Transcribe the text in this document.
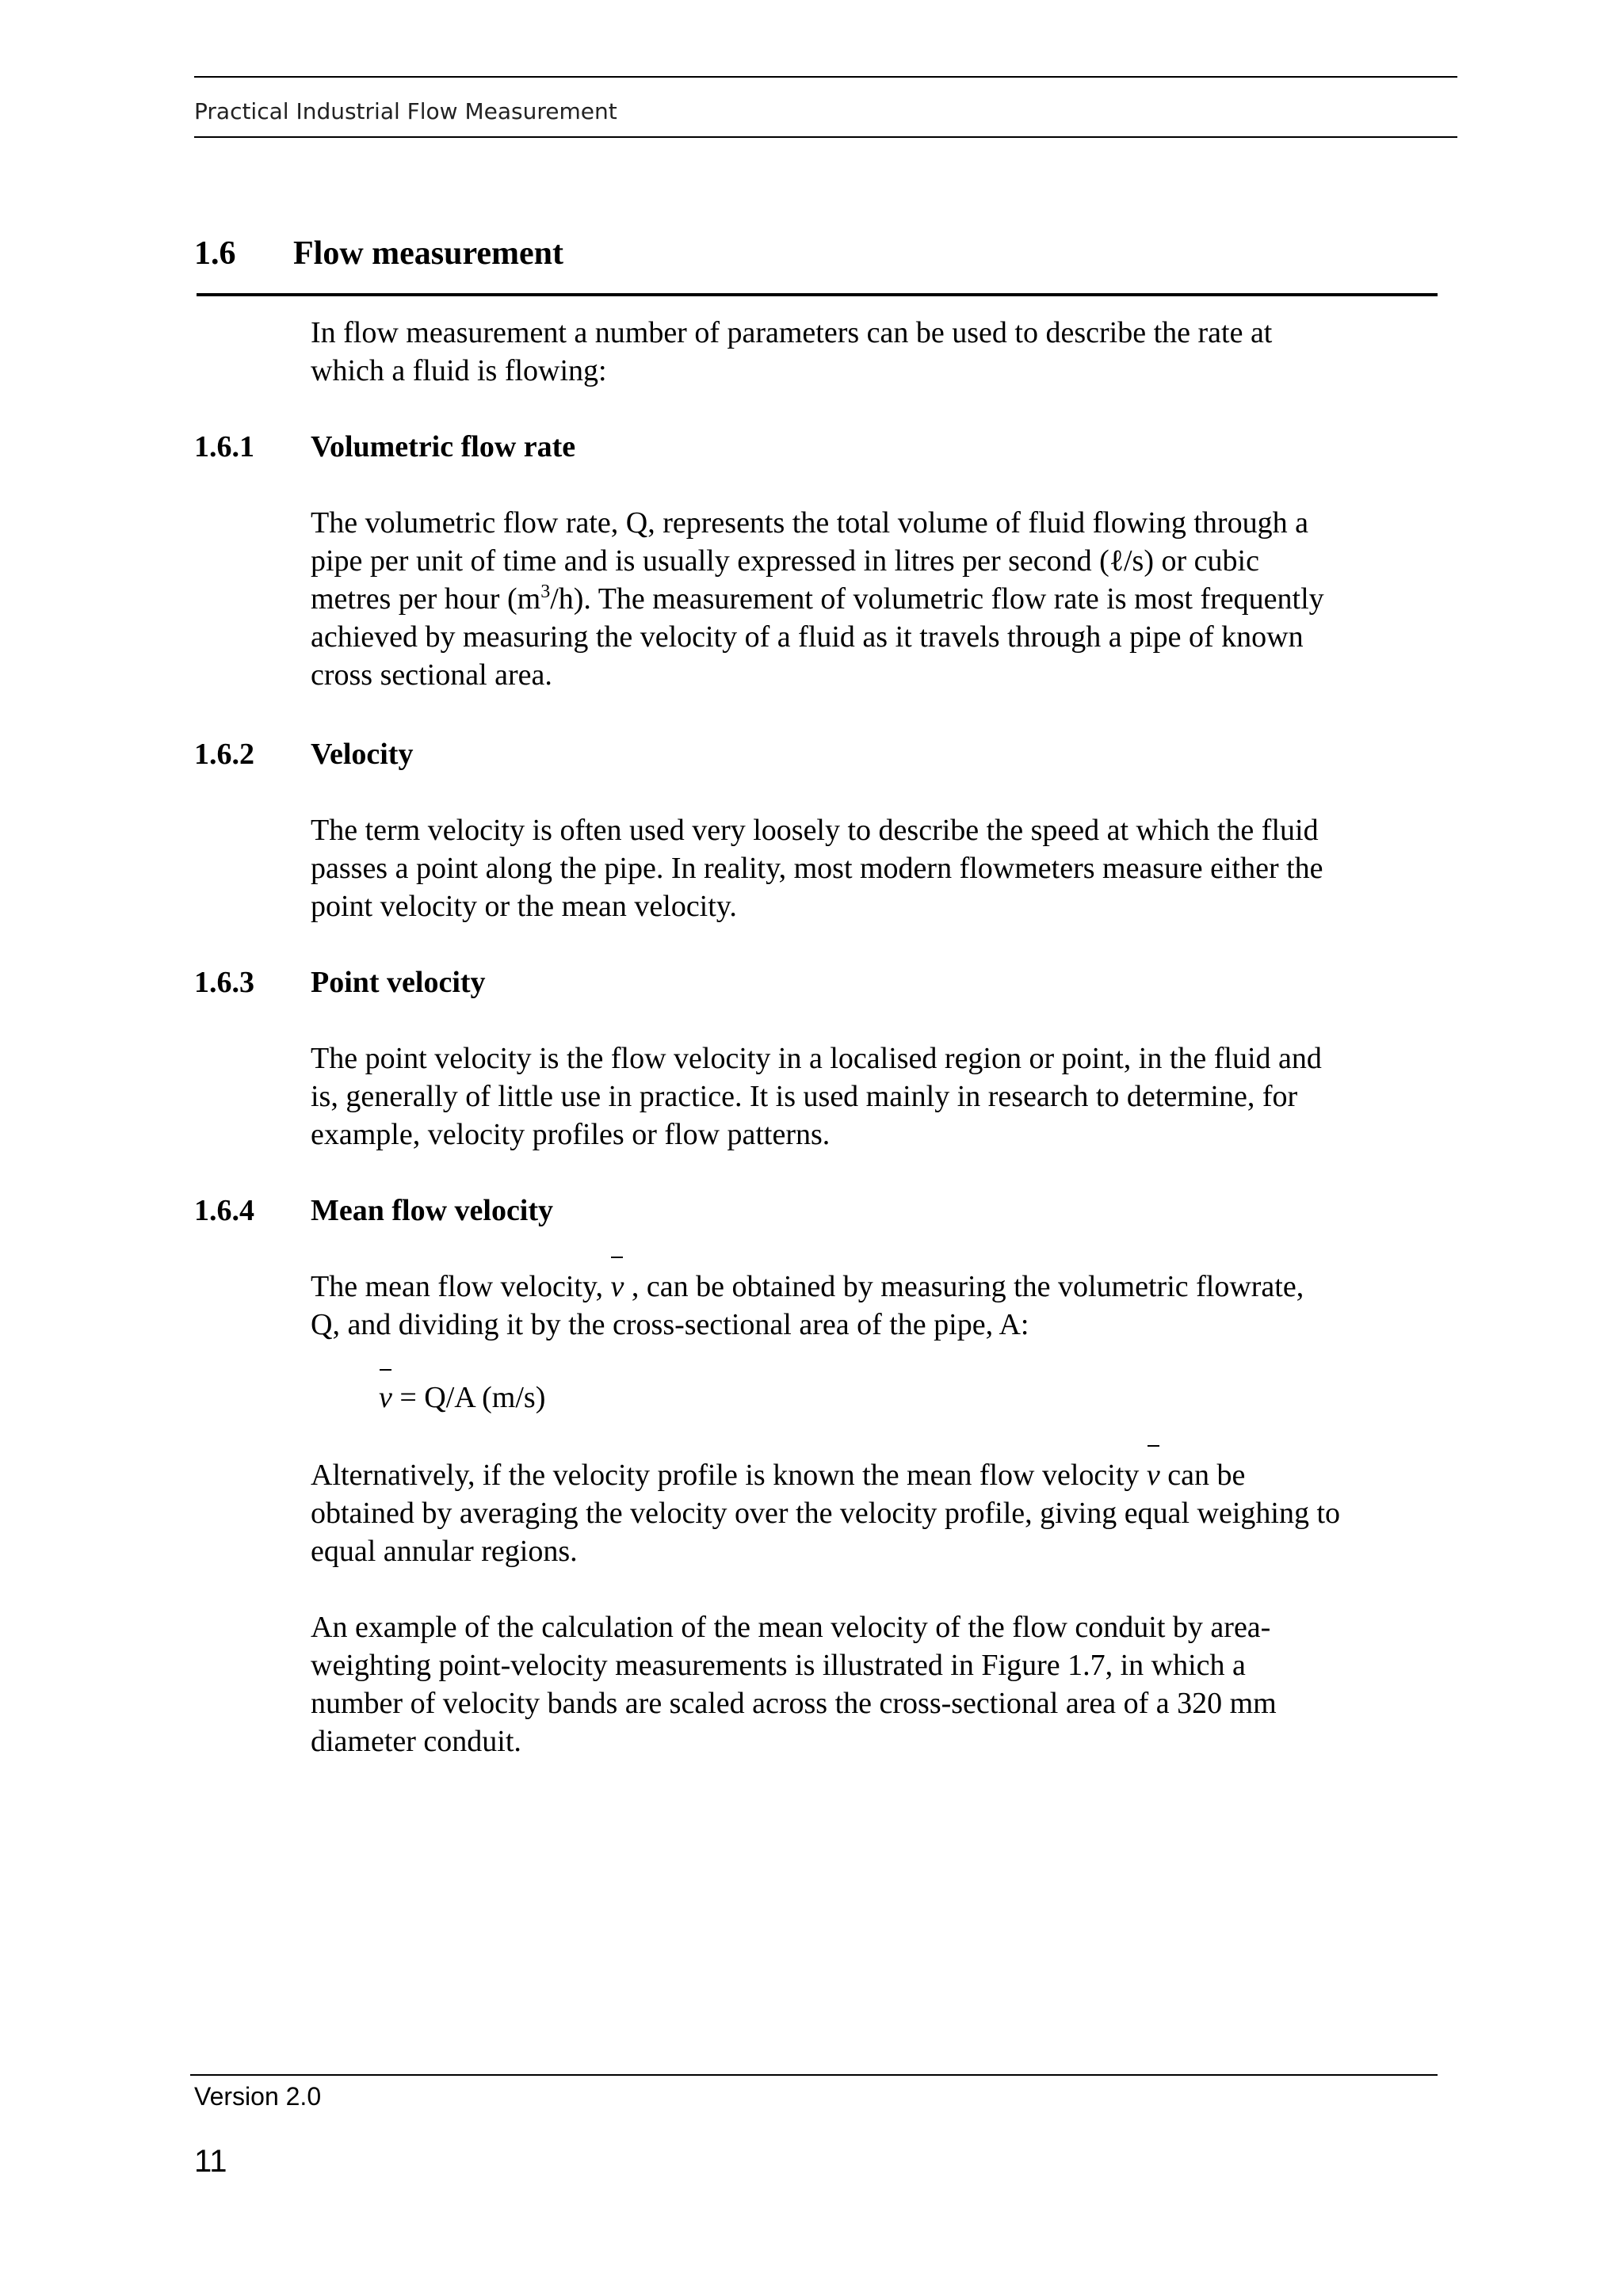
Practical Industrial Flow Measurement
1.6 Flow measurement

In flow measurement a number of parameters can be used to describe the rate at
which a fluid is flowing:

1.6.1 Volumetric flow rate

The volumetric flow rate, Q, represents the total volume of fluid flowing through a
pipe per unit of time and is usually expressed in litres per second (ℓ/s) or cubic
metres per hour $(m^3/h)$. The measurement of volumetric flow rate is most frequently
achieved by measuring the velocity of a fluid as it travels through a pipe of known
cross sectional area.

1.6.2 Velocity

The term velocity is often used very loosely to describe the speed at which the fluid
passes a point along the pipe. In reality, most modern flowmeters measure either the
point velocity or the mean velocity.

1.6.3 Point velocity

The point velocity is the flow velocity in a localised region or point, in the fluid and
is, generally of little use in practice. It is used mainly in research to determine, for
example, velocity profiles or flow patterns.

1.6.4 Mean flow velocity

The mean flow velocity, v , can be obtained by measuring the volumetric flowrate,
Q, and dividing it by the cross-sectional area of the pipe, A:

v = Q/A (m/s)

Alternatively, if the velocity profile is known the mean flow velocity v can be
obtained by averaging the velocity over the velocity profile, giving equal weighing to
equal annular regions.

An example of the calculation of the mean velocity of the flow conduit by area-
weighting point-velocity measurements is illustrated in Figure 1.7, in which a
number of velocity bands are scaled across the cross-sectional area of a 320 mm
diameter conduit.

Version 2.0
11
